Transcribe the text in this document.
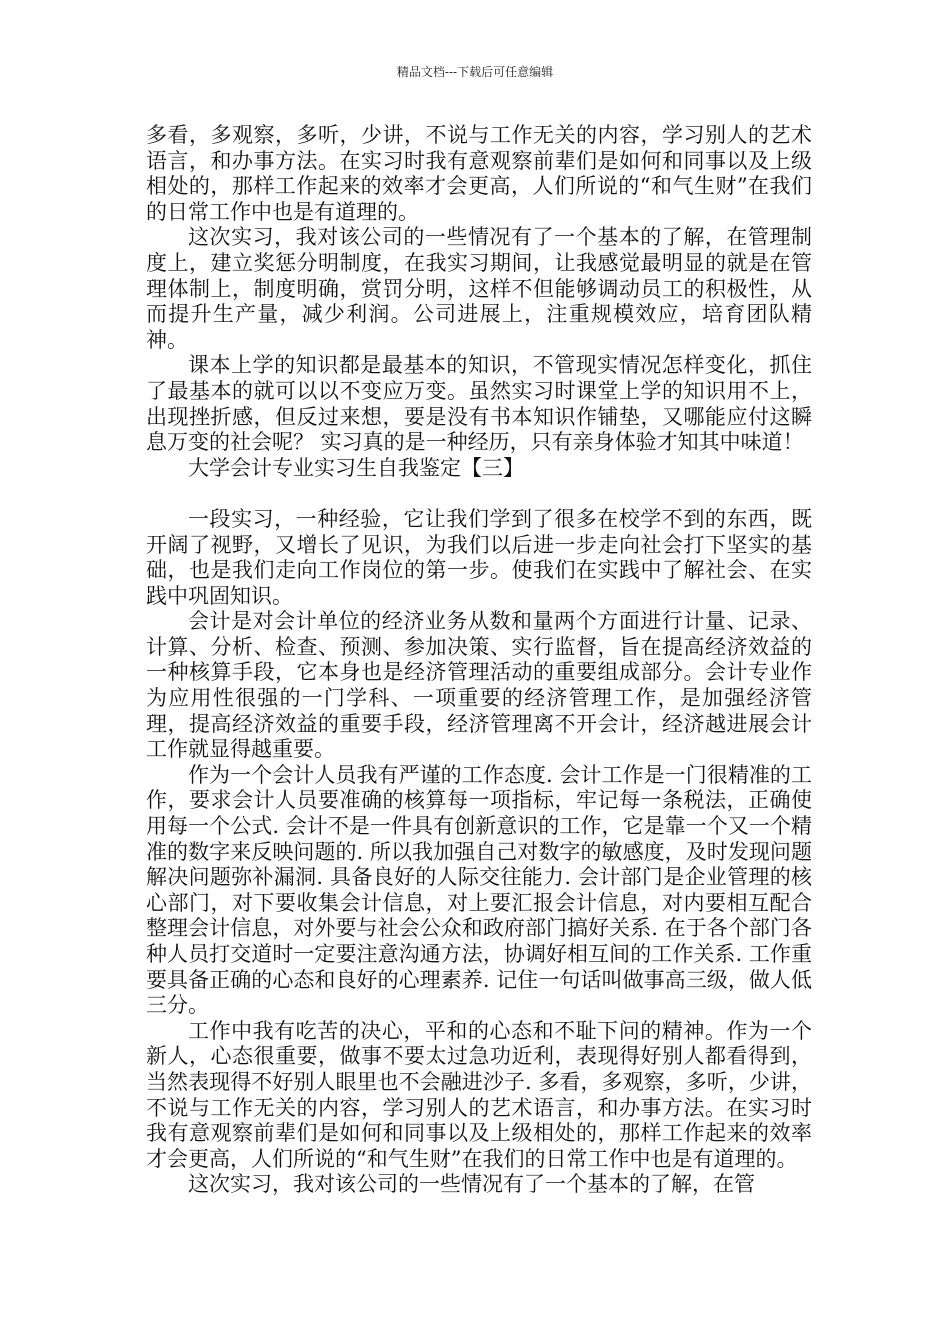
精品文档---下载后可任意编辑

多看，多观察，多听，少讲，不说与工作无关的内容，学习别人的艺术语言，和办事方法。在实习时我有意观察前辈们是如何和同事以及上级相处的，那样工作起来的效率才会更高，人们所说的“和气生财”在我们的日常工作中也是有道理的。

这次实习，我对该公司的一些情况有了一个基本的了解，在管理制度上，建立奖惩分明制度，在我实习期间，让我感觉最明显的就是在管理体制上，制度明确，赏罚分明，这样不但能够调动员工的积极性，从而提升生产量，减少利润。公司进展上，注重规模效应，培育团队精神。

课本上学的知识都是最基本的知识，不管现实情况怎样变化，抓住了最基本的就可以以不变应万变。虽然实习时课堂上学的知识用不上，出现挫折感，但反过来想，要是没有书本知识作铺垫，又哪能应付这瞬息万变的社会呢？ 实习真的是一种经历，只有亲身体验才知其中味道！

大学会计专业实习生自我鉴定【三】

一段实习，一种经验，它让我们学到了很多在校学不到的东西，既开阔了视野，又增长了见识，为我们以后进一步走向社会打下坚实的基础，也是我们走向工作岗位的第一步。使我们在实践中了解社会、在实践中巩固知识。

会计是对会计单位的经济业务从数和量两个方面进行计量、记录、计算、分析、检查、预测、参加决策、实行监督，旨在提高经济效益的一种核算手段，它本身也是经济管理活动的重要组成部分。会计专业作为应用性很强的一门学科、一项重要的经济管理工作，是加强经济管理，提高经济效益的重要手段，经济管理离不开会计，经济越进展会计工作就显得越重要。

作为一个会计人员我有严谨的工作态度. 会计工作是一门很精准的工作，要求会计人员要准确的核算每一项指标，牢记每一条税法，正确使用每一个公式. 会计不是一件具有创新意识的工作，它是靠一个又一个精准的数字来反映问题的. 所以我加强自己对数字的敏感度，及时发现问题解决问题弥补漏洞. 具备良好的人际交往能力. 会计部门是企业管理的核心部门，对下要收集会计信息，对上要汇报会计信息，对内要相互配合整理会计信息，对外要与社会公众和政府部门搞好关系. 在于各个部门各种人员打交道时一定要注意沟通方法，协调好相互间的工作关系. 工作重要具备正确的心态和良好的心理素养. 记住一句话叫做事高三级，做人低三分。

工作中我有吃苦的决心，平和的心态和不耻下问的精神。作为一个新人，心态很重要，做事不要太过急功近利，表现得好别人都看得到，当然表现得不好别人眼里也不会融进沙子. 多看，多观察，多听，少讲，不说与工作无关的内容，学习别人的艺术语言，和办事方法。在实习时我有意观察前辈们是如何和同事以及上级相处的，那样工作起来的效率才会更高，人们所说的“和气生财”在我们的日常工作中也是有道理的。

这次实习，我对该公司的一些情况有了一个基本的了解，在管
